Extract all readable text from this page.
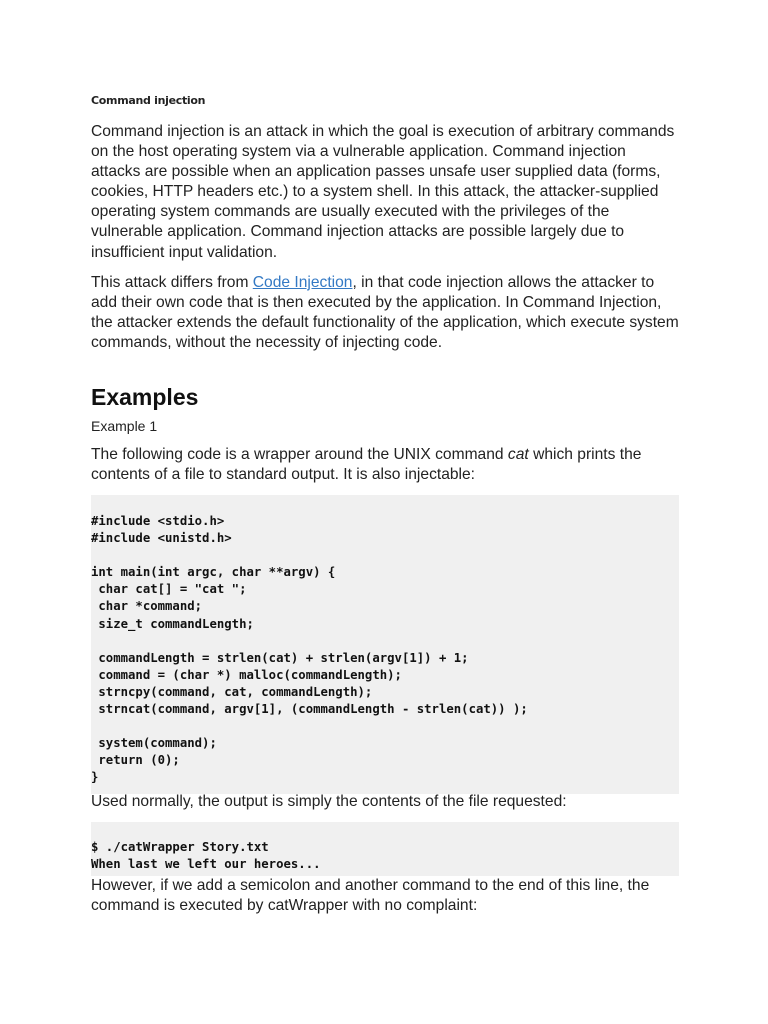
Command injection

Command injection is an attack in which the goal is execution of arbitrary commands on the host operating system via a vulnerable application. Command injection attacks are possible when an application passes unsafe user supplied data (forms, cookies, HTTP headers etc.) to a system shell. In this attack, the attacker-supplied operating system commands are usually executed with the privileges of the vulnerable application. Command injection attacks are possible largely due to insufficient input validation.

This attack differs from Code Injection, in that code injection allows the attacker to add their own code that is then executed by the application. In Command Injection, the attacker extends the default functionality of the application, which execute system commands, without the necessity of injecting code.

Examples
Example 1

The following code is a wrapper around the UNIX command cat which prints the contents of a file to standard output. It is also injectable:

#include <stdio.h>
#include <unistd.h>
int main(int argc, char **argv) {
char cat[] = "cat ";
char *command;
size_t commandLength;
commandLength = strlen(cat) + strlen(argv[1]) + 1;
command = (char *) malloc(commandLength);
strncpy(command, cat, commandLength);
strncat(command, argv[1], (commandLength - strlen(cat)) );
system(command);
return (0);
}

Used normally, the output is simply the contents of the file requested:

$ ./catWrapper Story.txt
When last we left our heroes...

However, if we add a semicolon and another command to the end of this line, the command is executed by catWrapper with no complaint:
